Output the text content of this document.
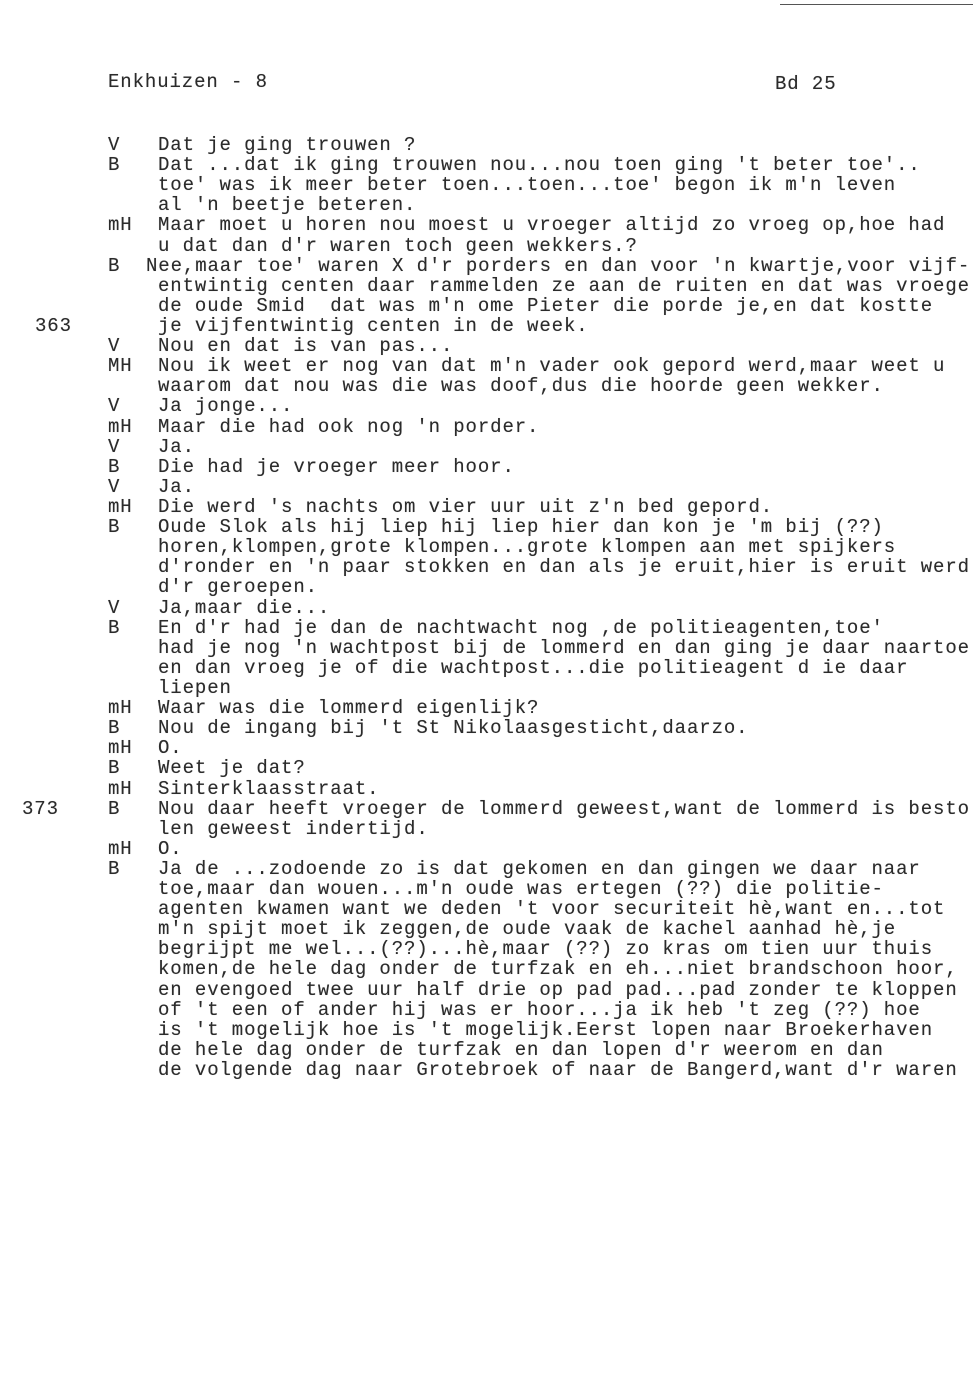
Enkhuizen - 8	Bd 25
V Dat je ging trouwen ?
B Dat ...dat ik ging trouwen nou...nou toen ging 't beter toe'..
toe' was ik meer beter toen...toen...toe' begon ik m'n leven
al 'n beetje beteren.
mH Maar moet u horen nou moest u vroeger altijd zo vroeg op,hoe had
u dat dan d'r waren toch geen wekkers.?
B Nee,maar toe' waren X d'r porders en dan voor 'n kwartje,voor vijf-
entwintig centen daar rammelden ze aan de ruiten en dat was vroege
de oude Smid  dat was m'n ome Pieter die porde je,en dat kostte
363	je vijfentwintig centen in de week.
V Nou en dat is van pas...
MH Nou ik weet er nog van dat m'n vader ook gepord werd,maar weet u
waarom dat nou was die was doof,dus die hoorde geen wekker.
V Ja jonge...
mH Maar die had ook nog 'n porder.
V Ja.
B Die had je vroeger meer hoor.
V Ja.
mH Die werd 's nachts om vier uur uit z'n bed gepord.
B Oude Slok als hij liep hij liep hier dan kon je 'm bij (??)
horen,klompen,grote klompen...grote klompen aan met spijkers
d'ronder en 'n paar stokken en dan als je eruit,hier is eruit werd
d'r geroepen.
V Ja,maar die...
B En d'r had je dan de nachtwacht nog ,de politieagenten,toe'
had je nog 'n wachtpost bij de lommerd en dan ging je daar naartoe
en dan vroeg je of die wachtpost...die politieagent d ie daar
liepen
mH Waar was die lommerd eigenlijk?
B Nou de ingang bij 't St Nikolaasgesticht,daarzo.
mH O.
B Weet je dat?
mH Sinterklaasstraat.
373	B Nou daar heeft vroeger de lommerd geweest,want de lommerd is besto
len geweest indertijd.
mH O.
B Ja de ...zodoende zo is dat gekomen en dan gingen we daar naar
toe,maar dan wouen...m'n oude was ertegen (??) die politie-
agenten kwamen want we deden 't voor securiteit hè,want en...tot
m'n spijt moet ik zeggen,de oude vaak de kachel aanhad hè,je
begrijpt me wel...(??)...hè,maar (??) zo kras om tien uur thuis
komen,de hele dag onder de turfzak en eh...niet brandschoon hoor,
en evengoed twee uur half drie op pad pad...pad zonder te kloppen
of 't een of ander hij was er hoor...ja ik heb 't zeg (??) hoe
is 't mogelijk hoe is 't mogelijk.Eerst lopen naar Broekerhaven
de hele dag onder de turfzak en dan lopen d'r weerom en dan
de volgende dag naar Grotebroek of naar de Bangerd,want d'r waren
